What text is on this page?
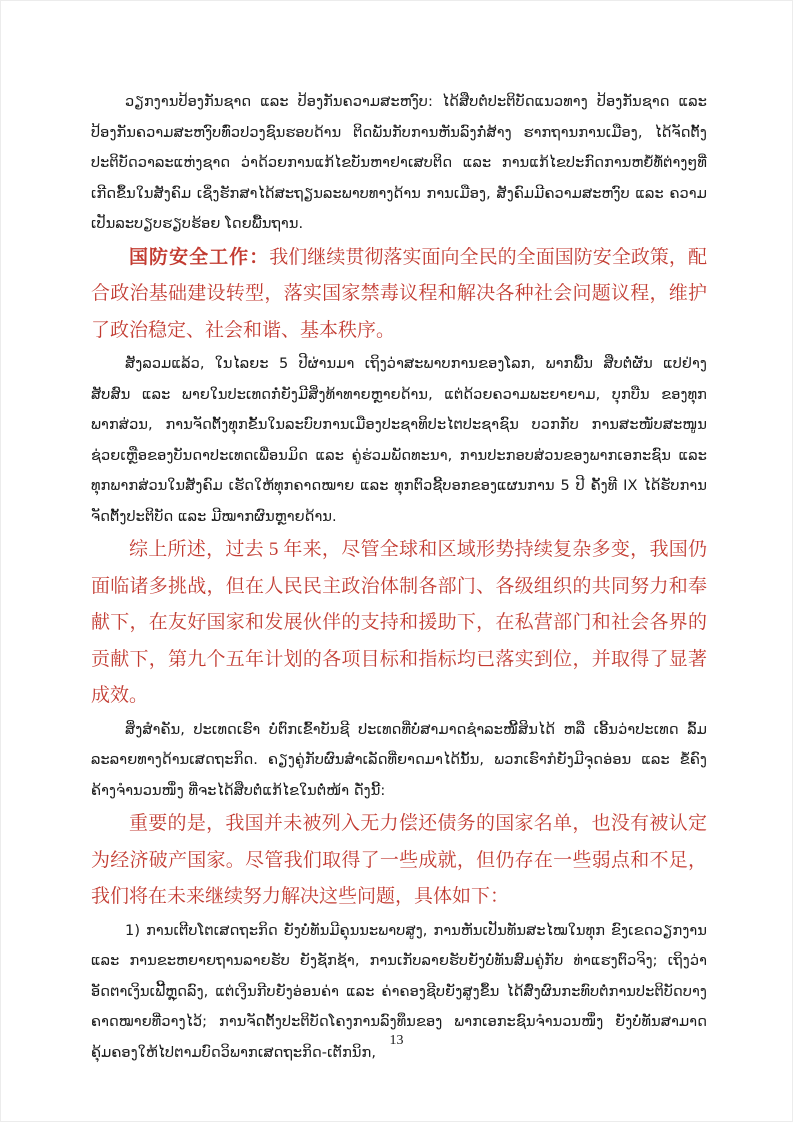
ວຽກງານປ້ອງກັນຊາດ ແລະ ປ້ອງກັນຄວາມສະຫງົບ: ໄດ້ສືບຕໍ່ປະຕິບັດແນວທາງ ປ້ອງກັນຊາດ ແລະ ປ້ອງກັນຄວາມສະຫງົບທົ່ວປວງຊົນຮອບດ້ານ ຕິດພັນກັບການຫັນລົງກໍ່ສ້າງ ຮາກຖານການເມືອງ, ໄດ້ຈັດຕັ້ງປະຕິບັດວາລະແຫ່ງຊາດ ວ່າດ້ວຍການແກ້ໄຂບັນຫາຢາເສບຕິດ ແລະ ການແກ້ໄຂປະກົດການຫຍໍ້ທໍ້ຕ່າງໆທີ່ເກີດຂຶ້ນໃນສັງຄົມ ເຊິ່ງຮັກສາໄດ້ສະຖຽນລະພາບທາງດ້ານ ການເມືອງ, ສັງຄົມມີຄວາມສະຫງົບ ແລະ ຄວາມເປັນລະບຽບຮຽບຮ້ອຍ ໂດຍພື້ນຖານ.

国防安全工作：我们继续贯彻落实面向全民的全面国防安全政策，配合政治基础建设转型，落实国家禁毒议程和解决各种社会问题议程，维护了政治稳定、社会和谐、基本秩序。

ສັງລວມແລ້ວ, ໃນໄລຍະ 5 ປີຜ່ານມາ ເຖິງວ່າສະພາບການຂອງໂລກ, ພາກພື້ນ ສືບຕໍ່ຜັນ ແປຢ່າງສັບສົນ ແລະ ພາຍໃນປະເທດກໍ່ຍັງມີສິ່ງທ້າທາຍຫຼາຍດ້ານ, ແຕ່ດ້ວຍຄວາມພະຍາຍາມ, ບຸກບືນ ຂອງທຸກພາກສ່ວນ, ການຈັດຕັ້ງທຸກຂັ້ນໃນລະບົບການເມືອງປະຊາທິປະໄຕປະຊາຊົນ ບວກກັບ ການສະໜັບສະໜູນຊ່ວຍເຫຼືອຂອງບັນດາປະເທດເພື່ອນມິດ ແລະ ຄູ່ຮ່ວມພັດທະນາ, ການປະກອບສ່ວນຂອງພາກເອກະຊົນ ແລະ ທຸກພາກສ່ວນໃນສັງຄົມ ເຮັດໃຫ້ທຸກຄາດໝາຍ ແລະ ທຸກຕົວຊີ້ບອກຂອງແຜນການ 5 ປີ ຄັ້ງທີ IX ໄດ້ຮັບການຈັດຕັ້ງປະຕິບັດ ແລະ ມີໝາກຜົນຫຼາຍດ້ານ.

综上所述，过去 5 年来，尽管全球和区域形势持续复杂多变，我国仍面临诸多挑战，但在人民民主政治体制各部门、各级组织的共同努力和奉献下，在友好国家和发展伙伴的支持和援助下，在私营部门和社会各界的贡献下，第九个五年计划的各项目标和指标均已落实到位，并取得了显著成效。

ສິ່ງສຳຄັນ, ປະເທດເຮົາ ບໍ່ຕົກເຂົ້າບັນຊີ ປະເທດທີ່ບໍ່ສາມາດຊຳລະໜີ້ສິນໄດ້ ຫລື ເອີ້ນວ່າປະເທດ ລົ້ມລະລາຍທາງດ້ານເສດຖະກິດ. ຄຽງຄູ່ກັບຜົນສຳເລັດທີ່ຍາດມາໄດ້ນັ້ນ, ພວກເຮົາກໍຍັງມີຈຸດອ່ອນ ແລະ ຂໍ້ຄົງຄ້າງຈຳນວນໜຶ່ງ ທີ່ຈະໄດ້ສືບຕໍ່ແກ້ໄຂໃນຕໍ່ໜ້າ ດັ່ງນີ້:

重要的是，我国并未被列入无力偿还债务的国家名单，也没有被认定为经济破产国家。尽管我们取得了一些成就，但仍存在一些弱点和不足，我们将在未来继续努力解决这些问题，具体如下：

1) ການເຕີບໂຕເສດຖະກິດ ຍັງບໍ່ທັນມີຄຸນນະພາບສູງ, ການຫັນເປັນທັນສະໄໝໃນທຸກ ຂົງເຂດວຽກງານ ແລະ ການຂະຫຍາຍຖານລາຍຮັບ ຍັງຊັກຊ້າ, ການເກັບລາຍຮັບຍັງບໍ່ທັນສົມຄູ່ກັບ ທ່າແຮງຕົວຈິງ; ເຖິງວ່າອັດຕາເງິນເຟີ້ຫຼຸດລົງ, ແຕ່ເງິນກີບຍັງອ່ອນຄ່າ ແລະ ຄ່າຄອງຊີບຍັງສູງຂຶ້ນ ໄດ້ສົ່ງຜົນກະທົບຕໍ່ການປະຕິບັດບາງຄາດໝາຍທີ່ວາງໄວ້; ການຈັດຕັ້ງປະຕິບັດໂຄງການລົງທຶນຂອງ ພາກເອກະຊົນຈຳນວນໜຶ່ງ ຍັງບໍ່ທັນສາມາດຄຸ້ມຄອງໃຫ້ໄປຕາມບົດວິພາກເສດຖະກິດ-ເຕັກນິກ,

13
